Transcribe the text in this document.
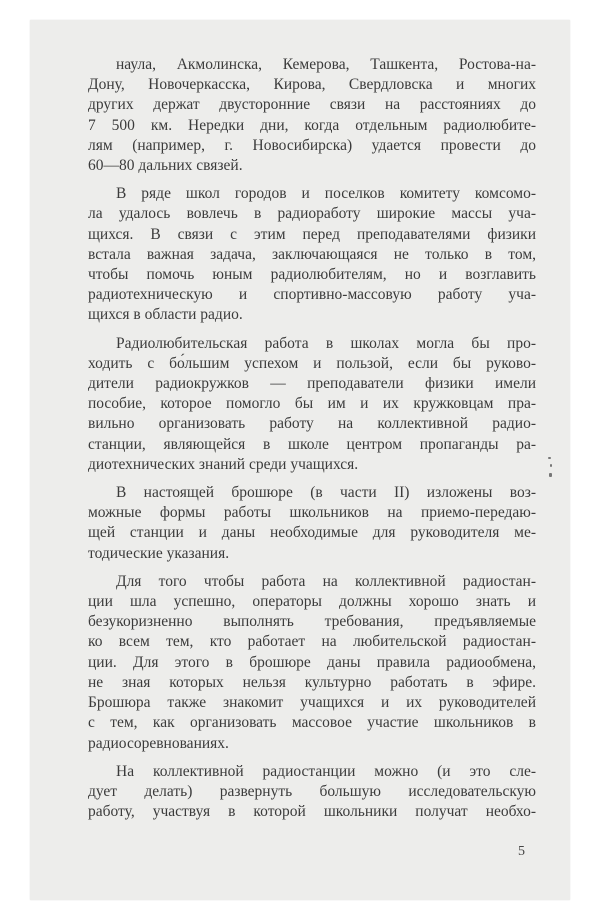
наула, Акмолинска, Кемерова, Ташкента, Ростова-на-
Дону, Новочеркасска, Кирова, Свердловска и многих
других держат двусторонние связи на расстояниях до
7 500 км. Нередки дни, когда отдельным радиолюбите-
лям (например, г. Новосибирска) удается провести до
60—80 дальних связей.

В ряде школ городов и поселков комитету комсомо-
ла удалось вовлечь в радиоработу широкие массы уча-
щихся. В связи с этим перед преподавателями физики
встала важная задача, заключающаяся не только в том,
чтобы помочь юным радиолюбителям, но и возглавить
радиотехническую и спортивно-массовую работу уча-
щихся в области радио.

Радиолюбительская работа в школах могла бы про-
ходить с бо́льшим успехом и пользой, если бы руково-
дители радиокружков — преподаватели физики имели
пособие, которое помогло бы им и их кружковцам пра-
вильно организовать работу на коллективной радио-
станции, являющейся в школе центром пропаганды ра-
диотехнических знаний среди учащихся.

В настоящей брошюре (в части II) изложены воз-
можные формы работы школьников на приемо-передаю-
щей станции и даны необходимые для руководителя ме-
тодические указания.

Для того чтобы работа на коллективной радиостан-
ции шла успешно, операторы должны хорошо знать и
безукоризненно выполнять требования, предъявляемые
ко всем тем, кто работает на любительской радиостан-
ции. Для этого в брошюре даны правила радиообмена,
не зная которых нельзя культурно работать в эфире.
Брошюра также знакомит учащихся и их руководителей
с тем, как организовать массовое участие школьников в
радиосоревнованиях.

На коллективной радиостанции можно (и это сле-
дует делать) развернуть большую исследовательскую
работу, участвуя в которой школьники получат необхо-

5
